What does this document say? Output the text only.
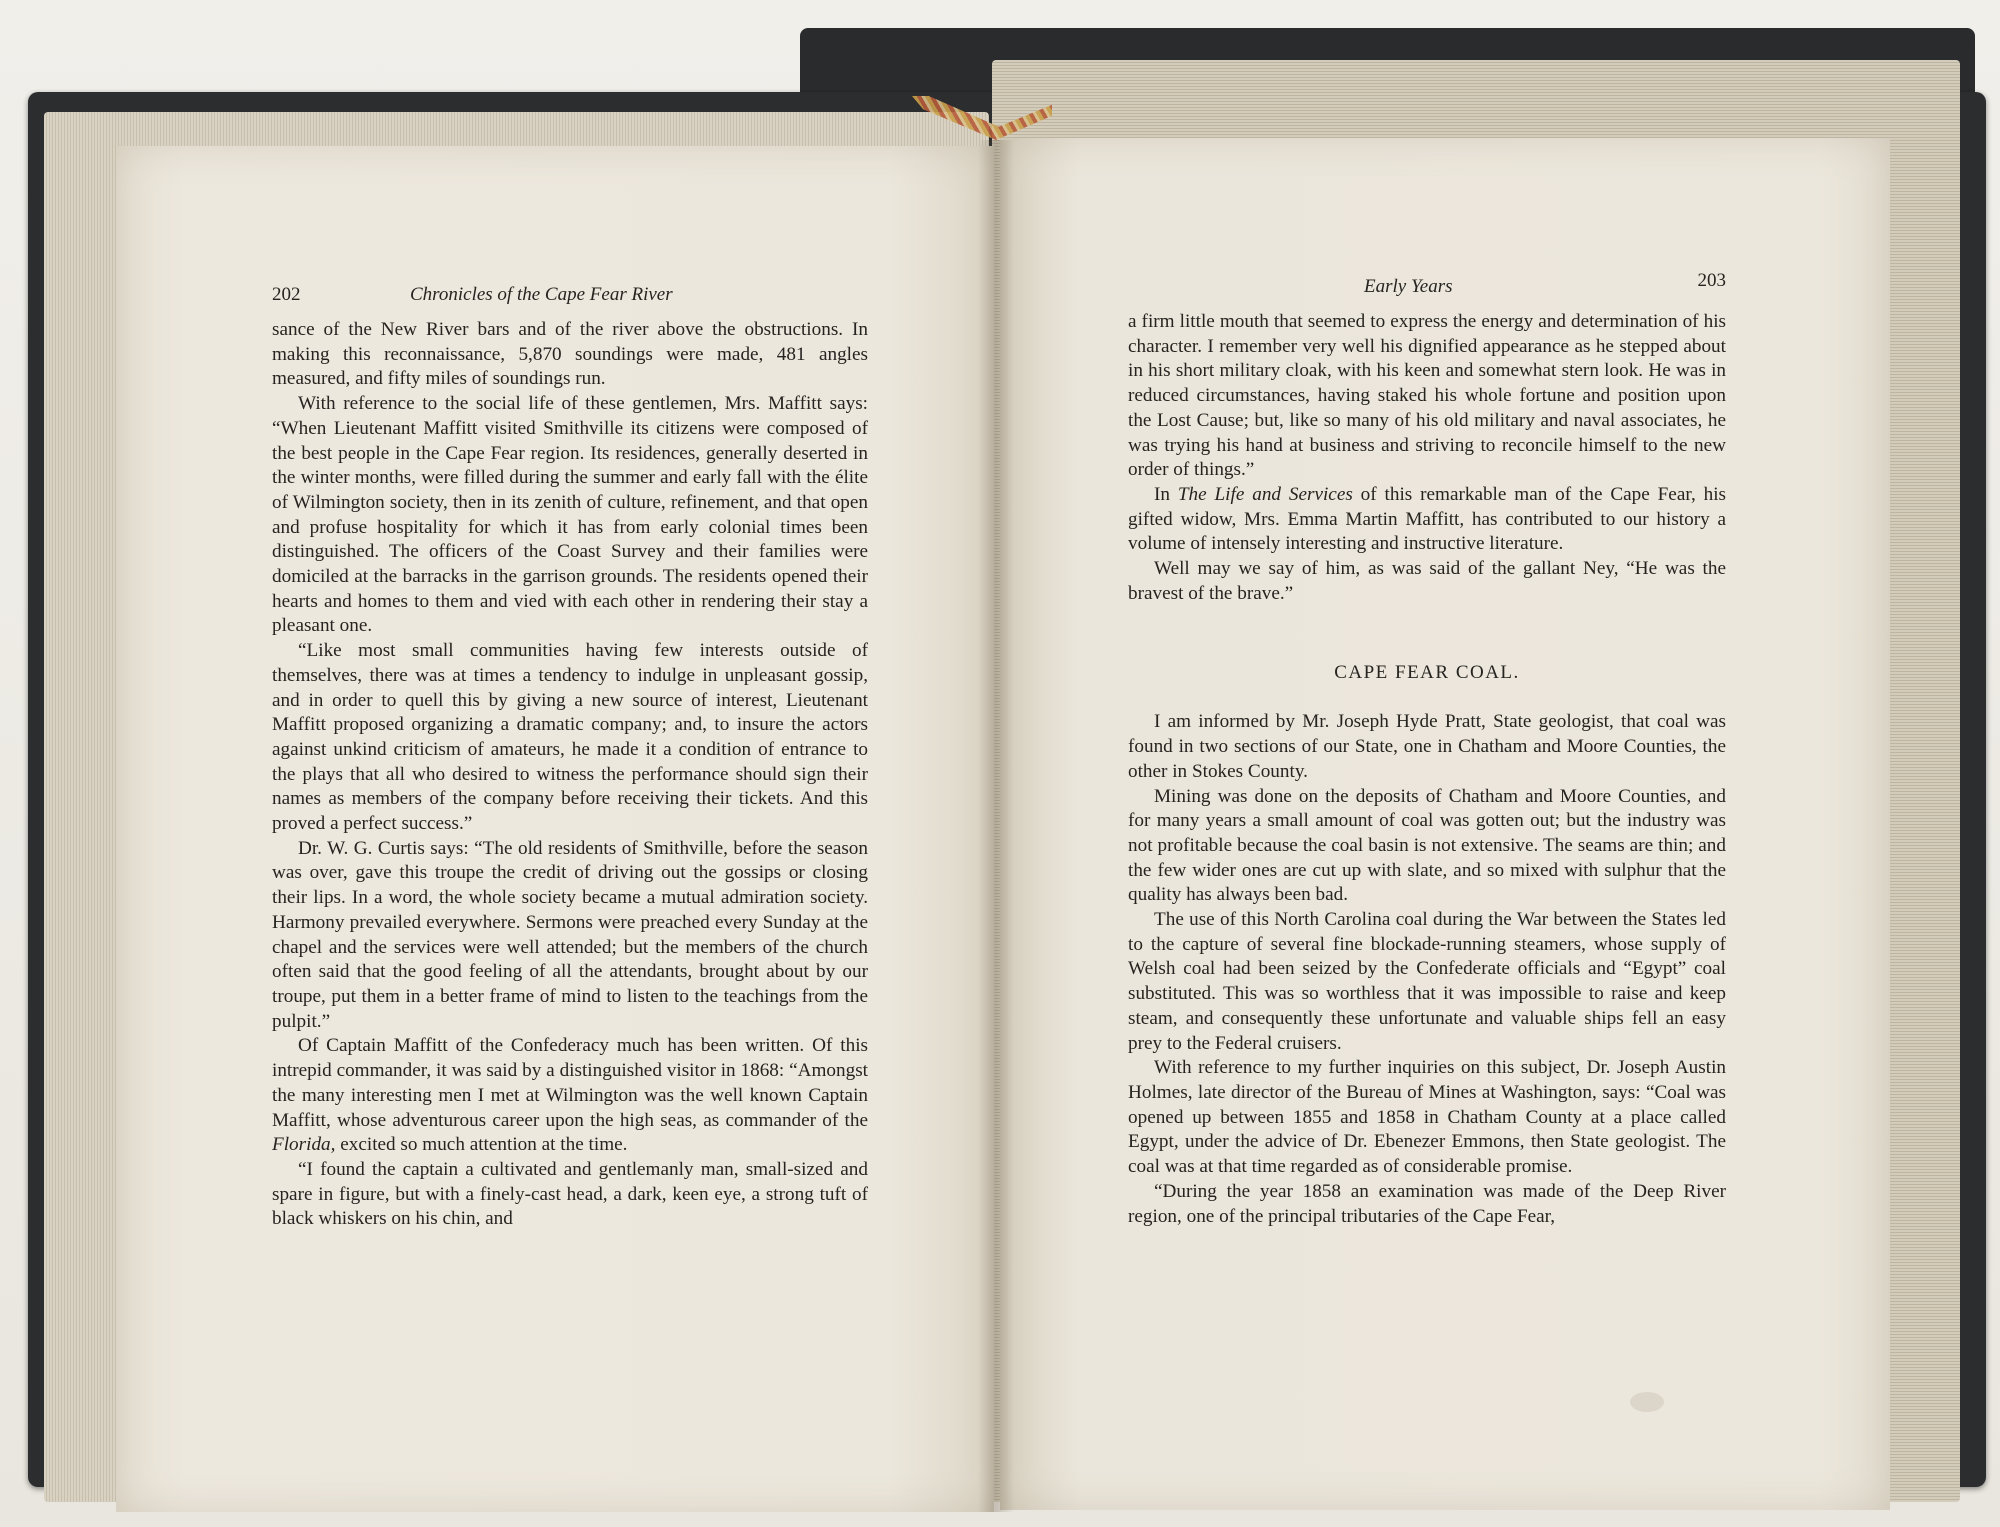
202	Chronicles of the Cape Fear River

sance of the New River bars and of the river above the obstructions. In making this reconnaissance, 5,870 soundings were made, 481 angles measured, and fifty miles of soundings run.

With reference to the social life of these gentlemen, Mrs. Maffitt says: “When Lieutenant Maffitt visited Smithville its citizens were composed of the best people in the Cape Fear region. Its residences, generally deserted in the winter months, were filled during the summer and early fall with the élite of Wilmington society, then in its zenith of culture, refinement, and that open and profuse hospitality for which it has from early colonial times been distinguished. The officers of the Coast Survey and their families were domiciled at the barracks in the garrison grounds. The residents opened their hearts and homes to them and vied with each other in rendering their stay a pleasant one.

“Like most small communities having few interests outside of themselves, there was at times a tendency to indulge in unpleasant gossip, and in order to quell this by giving a new source of interest, Lieutenant Maffitt proposed organizing a dramatic company; and, to insure the actors against unkind criticism of amateurs, he made it a condition of entrance to the plays that all who desired to witness the performance should sign their names as members of the company before receiving their tickets. And this proved a perfect success.”

Dr. W. G. Curtis says: “The old residents of Smithville, before the season was over, gave this troupe the credit of driving out the gossips or closing their lips. In a word, the whole society became a mutual admiration society. Harmony prevailed everywhere. Sermons were preached every Sunday at the chapel and the services were well attended; but the members of the church often said that the good feeling of all the attendants, brought about by our troupe, put them in a better frame of mind to listen to the teachings from the pulpit.”

Of Captain Maffitt of the Confederacy much has been written. Of this intrepid commander, it was said by a distinguished visitor in 1868: “Amongst the many interesting men I met at Wilmington was the well known Captain Maffitt, whose adventurous career upon the high seas, as commander of the Florida, excited so much attention at the time.

“I found the captain a cultivated and gentlemanly man, small-sized and spare in figure, but with a finely-cast head, a dark, keen eye, a strong tuft of black whiskers on his chin, and

Early Years	203

a firm little mouth that seemed to express the energy and determination of his character. I remember very well his dignified appearance as he stepped about in his short military cloak, with his keen and somewhat stern look. He was in reduced circumstances, having staked his whole fortune and position upon the Lost Cause; but, like so many of his old military and naval associates, he was trying his hand at business and striving to reconcile himself to the new order of things.”

In The Life and Services of this remarkable man of the Cape Fear, his gifted widow, Mrs. Emma Martin Maffitt, has contributed to our history a volume of intensely interesting and instructive literature.

Well may we say of him, as was said of the gallant Ney, “He was the bravest of the brave.”

CAPE FEAR COAL.

I am informed by Mr. Joseph Hyde Pratt, State geologist, that coal was found in two sections of our State, one in Chatham and Moore Counties, the other in Stokes County.

Mining was done on the deposits of Chatham and Moore Counties, and for many years a small amount of coal was gotten out; but the industry was not profitable because the coal basin is not extensive. The seams are thin; and the few wider ones are cut up with slate, and so mixed with sulphur that the quality has always been bad.

The use of this North Carolina coal during the War between the States led to the capture of several fine blockade-running steamers, whose supply of Welsh coal had been seized by the Confederate officials and “Egypt” coal substituted. This was so worthless that it was impossible to raise and keep steam, and consequently these unfortunate and valuable ships fell an easy prey to the Federal cruisers.

With reference to my further inquiries on this subject, Dr. Joseph Austin Holmes, late director of the Bureau of Mines at Washington, says: “Coal was opened up between 1855 and 1858 in Chatham County at a place called Egypt, under the advice of Dr. Ebenezer Emmons, then State geologist. The coal was at that time regarded as of considerable promise.

“During the year 1858 an examination was made of the Deep River region, one of the principal tributaries of the Cape Fear,
